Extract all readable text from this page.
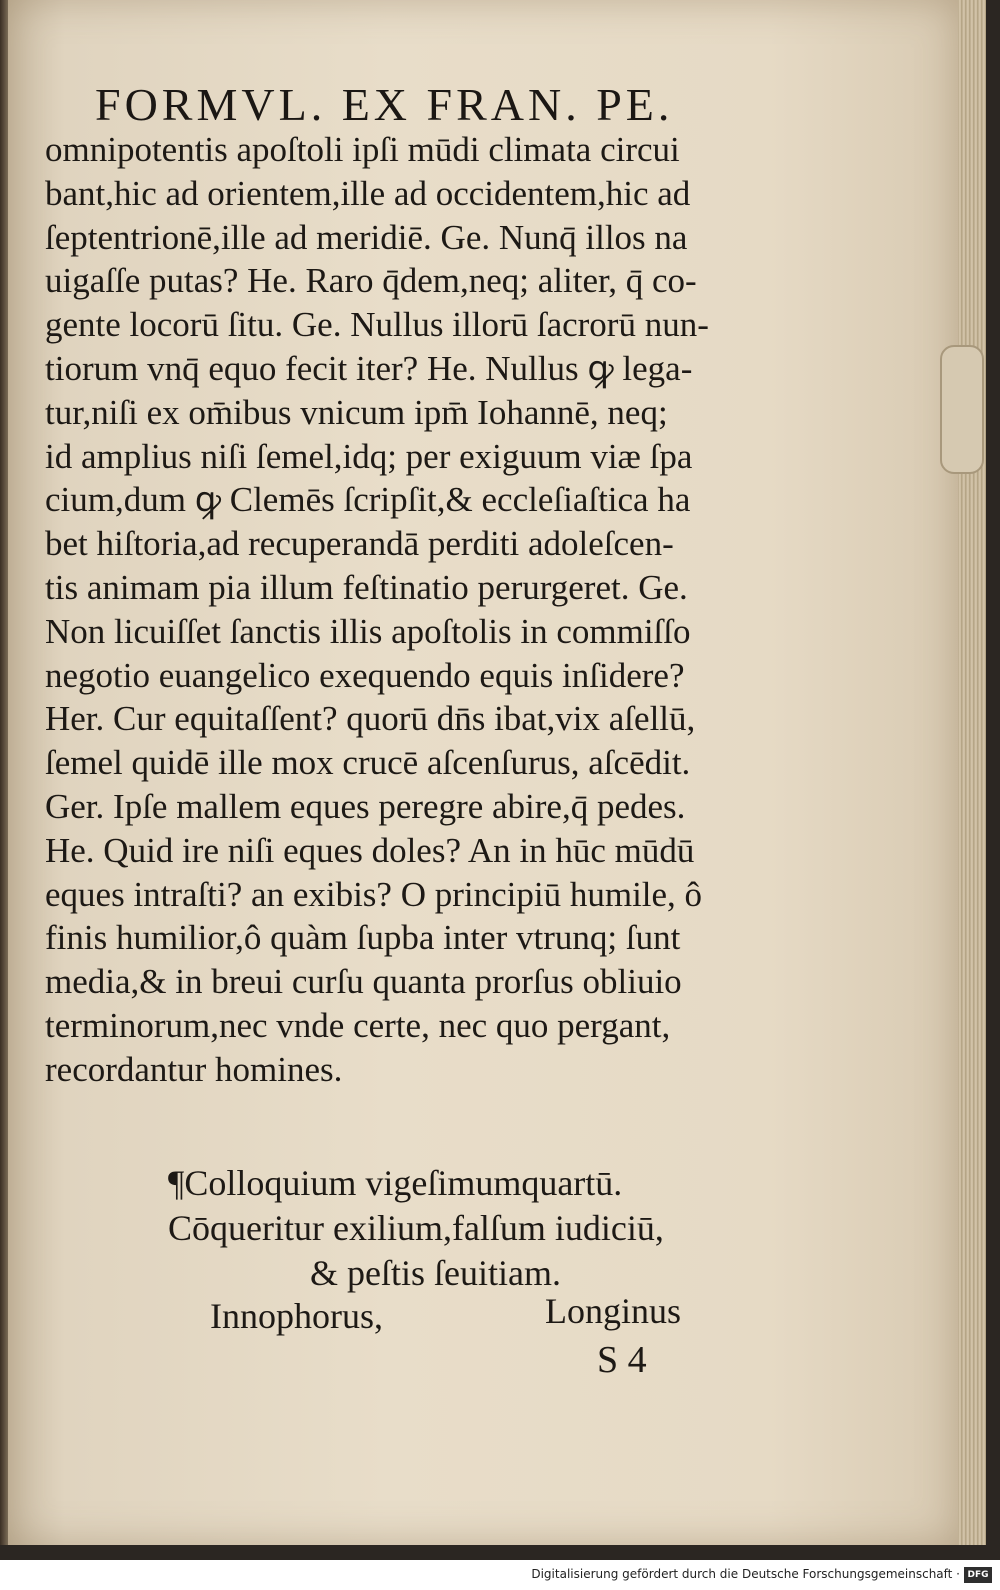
FORMVL. EX FRAN. PE.
omnipotentis apoſtoli ipſi mūdi climata circui
bant,hic ad orientem,ille ad occidentem,hic ad
ſeptentrionē,ille ad meridiē. Ge. Nunq̄ illos na
uigaſſe putas? He. Raro q̄dem,neq; aliter, q̄ co-
gente locorū ſitu. Ge. Nullus illorū ſacrorū nun-
tiorum vnq̄ equo fecit iter? He. Nullus ꝙ lega-
tur,niſi ex om̄ibus vnicum ipm̄ Iohannē, neq;
id amplius niſi ſemel,idq; per exiguum viæ ſpa
cium,dum ꝙ Clemēs ſcripſit,& eccleſiaſtica ha
bet hiſtoria,ad recuperandā perditi adoleſcen-
tis animam pia illum feſtinatio perurgeret. Ge.
Non licuiſſet ſanctis illis apoſtolis in commiſſo
negotio euangelico exequendo equis inſidere?
Her. Cur equitaſſent? quorū dn̄s ibat,vix aſellū,
ſemel quidē ille mox crucē aſcenſurus, aſcēdit.
Ger. Ipſe mallem eques peregre abire,q̄ pedes.
He. Quid ire niſi eques doles? An in hūc mūdū
eques intraſti? an exibis? O principiū humile, ô
finis humilior,ô quàm ſupba inter vtrunq; ſunt
media,& in breui curſu quanta prorſus obliuio
terminorum,nec vnde certe, nec quo pergant,
recordantur homines.
¶Colloquium vigeſimumquartū.
Cōqueritur exilium,falſum iudiciū,
& peſtis ſeuitiam.
Innophorus,	Longinus
S 4
Digitalisierung gefördert durch die Deutsche Forschungsgemeinschaft · DFG
